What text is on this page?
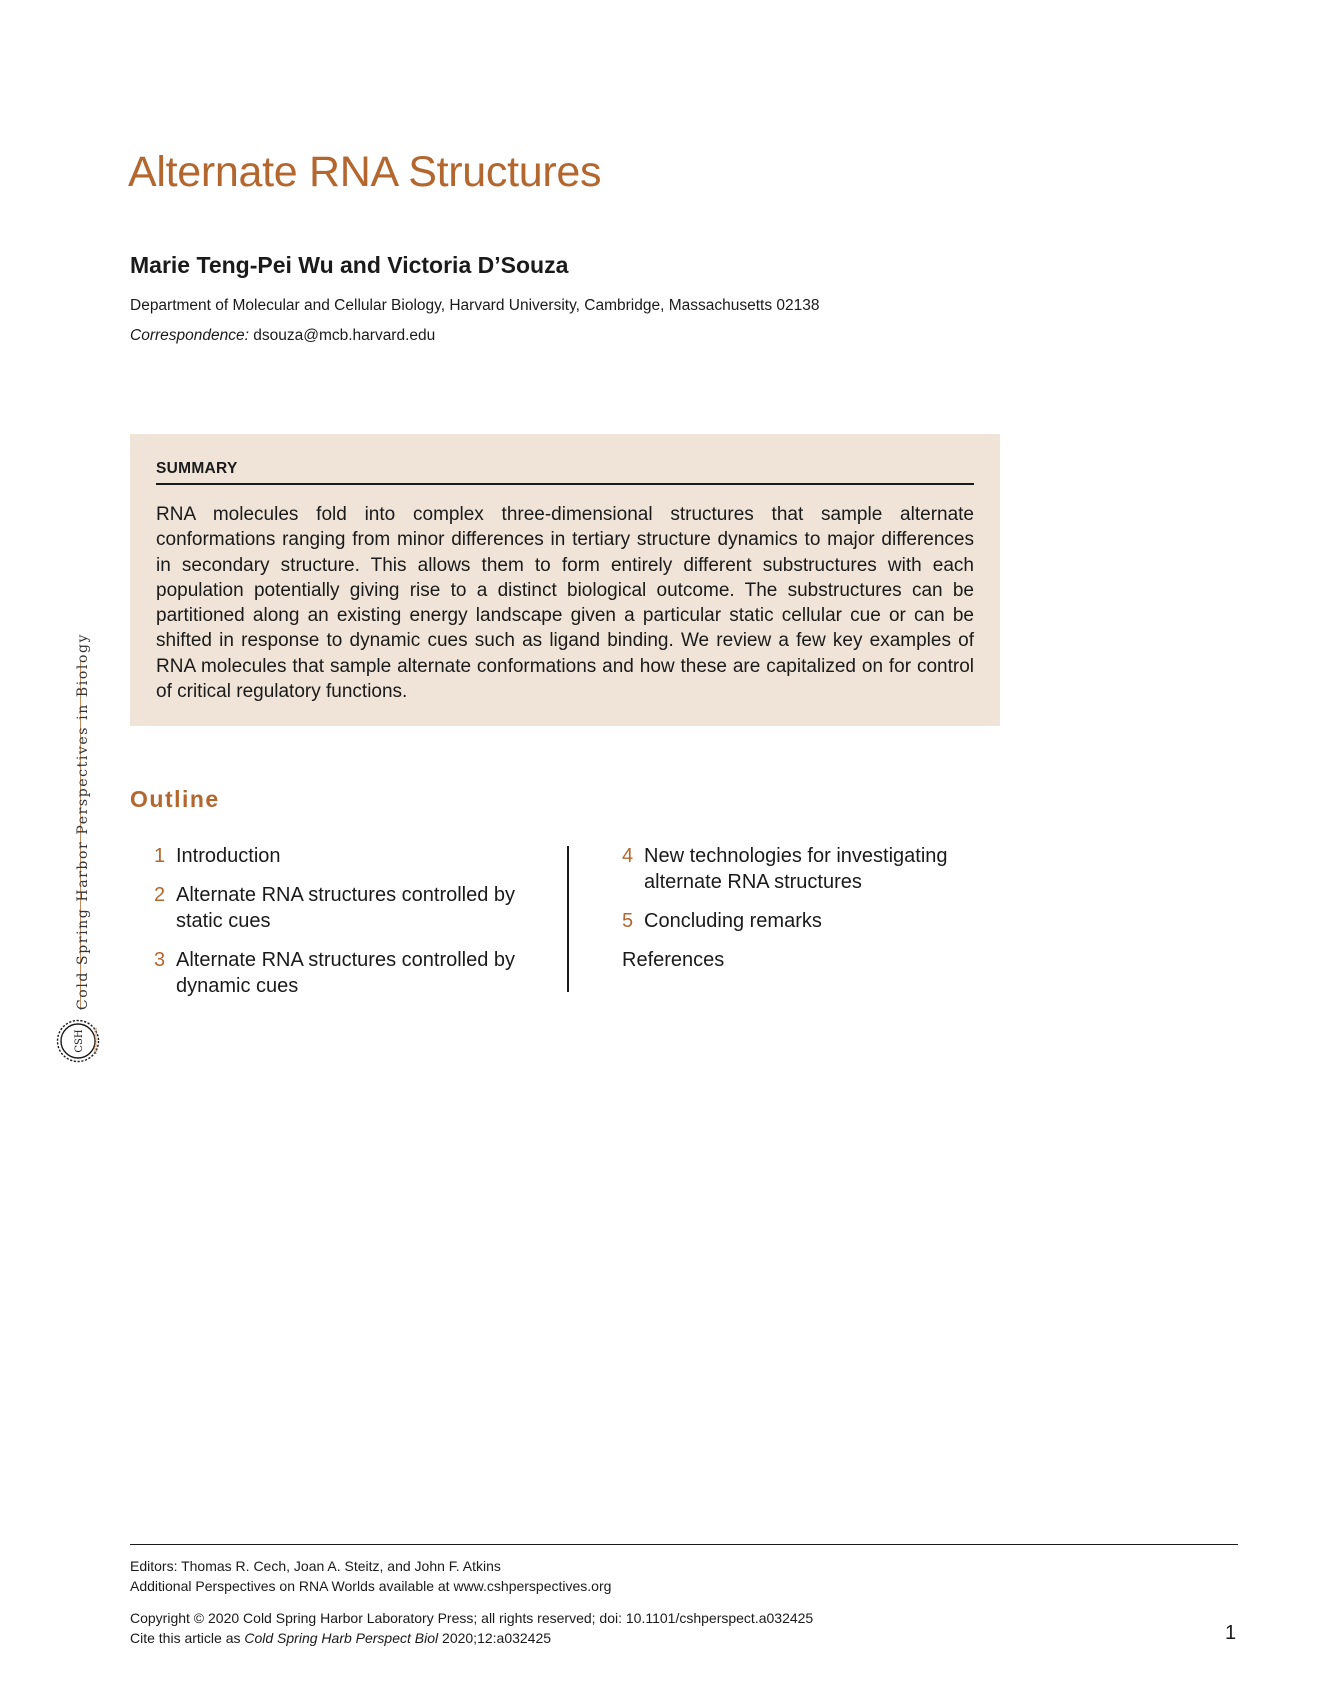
Alternate RNA Structures
Marie Teng-Pei Wu and Victoria D’Souza
Department of Molecular and Cellular Biology, Harvard University, Cambridge, Massachusetts 02138
Correspondence: dsouza@mcb.harvard.edu
SUMMARY
RNA molecules fold into complex three-dimensional structures that sample alternate conformations ranging from minor differences in tertiary structure dynamics to major differences in secondary structure. This allows them to form entirely different substructures with each population potentially giving rise to a distinct biological outcome. The substructures can be partitioned along an existing energy landscape given a particular static cellular cue or can be shifted in response to dynamic cues such as ligand binding. We review a few key examples of RNA molecules that sample alternate conformations and how these are capitalized on for control of critical regulatory functions.
Cold Spring Harbor Perspectives in Biology
CSH	PERSPECTIVES
Outline
1 Introduction
2 Alternate RNA structures controlled by static cues
3 Alternate RNA structures controlled by dynamic cues
4 New technologies for investigating alternate RNA structures
5 Concluding remarks
References
Editors: Thomas R. Cech, Joan A. Steitz, and John F. Atkins
Additional Perspectives on RNA Worlds available at www.cshperspectives.org
Copyright © 2020 Cold Spring Harbor Laboratory Press; all rights reserved; doi: 10.1101/cshperspect.a032425
Cite this article as Cold Spring Harb Perspect Biol 2020;12:a032425	1
